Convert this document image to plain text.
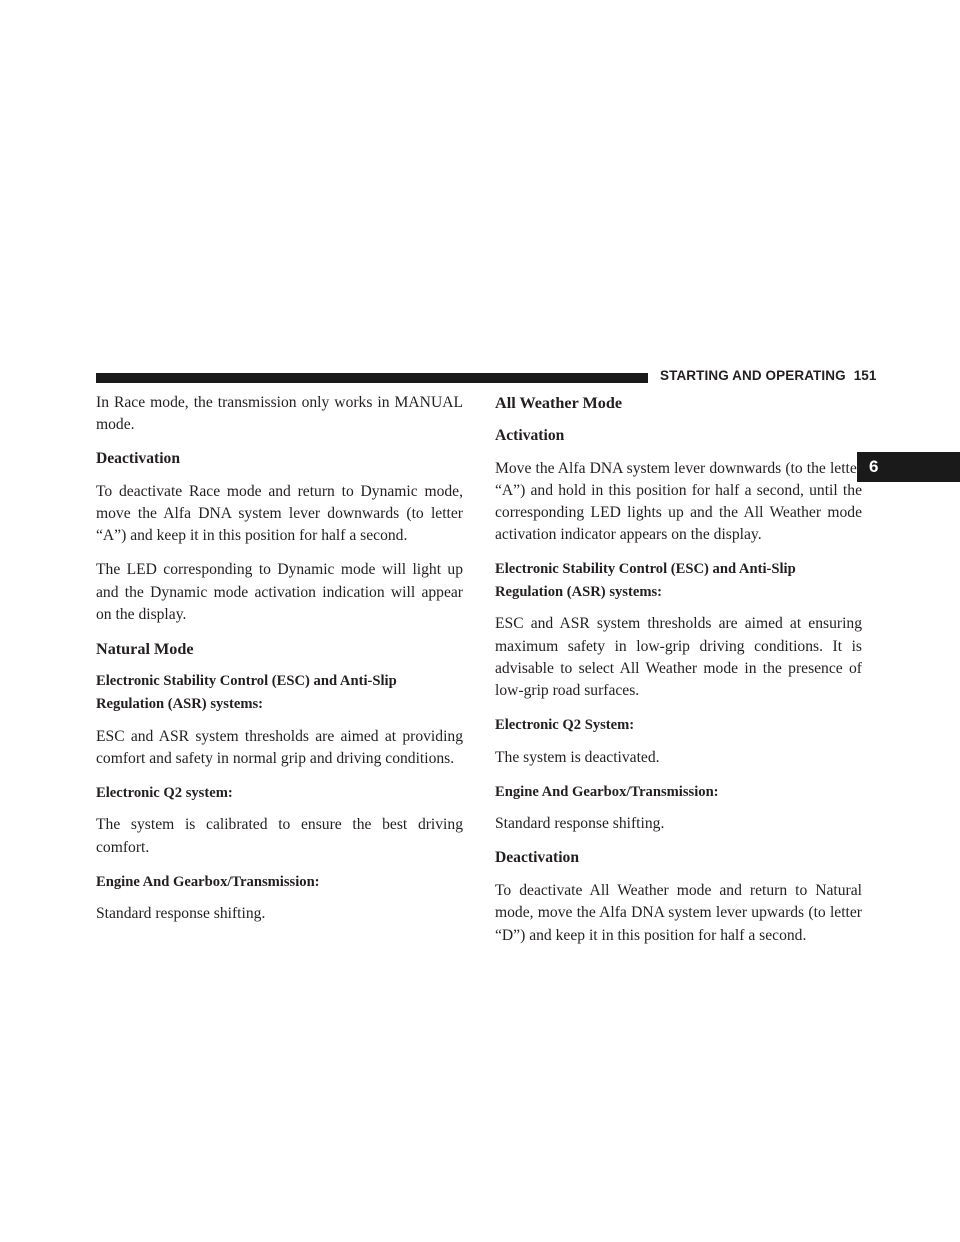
STARTING AND OPERATING 151
6

In Race mode, the transmission only works in MANUAL mode.

Deactivation

To deactivate Race mode and return to Dynamic mode, move the Alfa DNA system lever downwards (to letter “A”) and keep it in this position for half a second.

The LED corresponding to Dynamic mode will light up and the Dynamic mode activation indication will appear on the display.

Natural Mode

Electronic Stability Control (ESC) and Anti-Slip Regulation (ASR) systems:

ESC and ASR system thresholds are aimed at providing comfort and safety in normal grip and driving conditions.

Electronic Q2 system:

The system is calibrated to ensure the best driving comfort.

Engine And Gearbox/Transmission:

Standard response shifting.

All Weather Mode

Activation

Move the Alfa DNA system lever downwards (to the letter “A”) and hold in this position for half a second, until the corresponding LED lights up and the All Weather mode activation indicator appears on the display.

Electronic Stability Control (ESC) and Anti-Slip Regulation (ASR) systems:

ESC and ASR system thresholds are aimed at ensuring maximum safety in low-grip driving conditions. It is advisable to select All Weather mode in the presence of low-grip road surfaces.

Electronic Q2 System:

The system is deactivated.

Engine And Gearbox/Transmission:

Standard response shifting.

Deactivation

To deactivate All Weather mode and return to Natural mode, move the Alfa DNA system lever upwards (to letter “D”) and keep it in this position for half a second.
